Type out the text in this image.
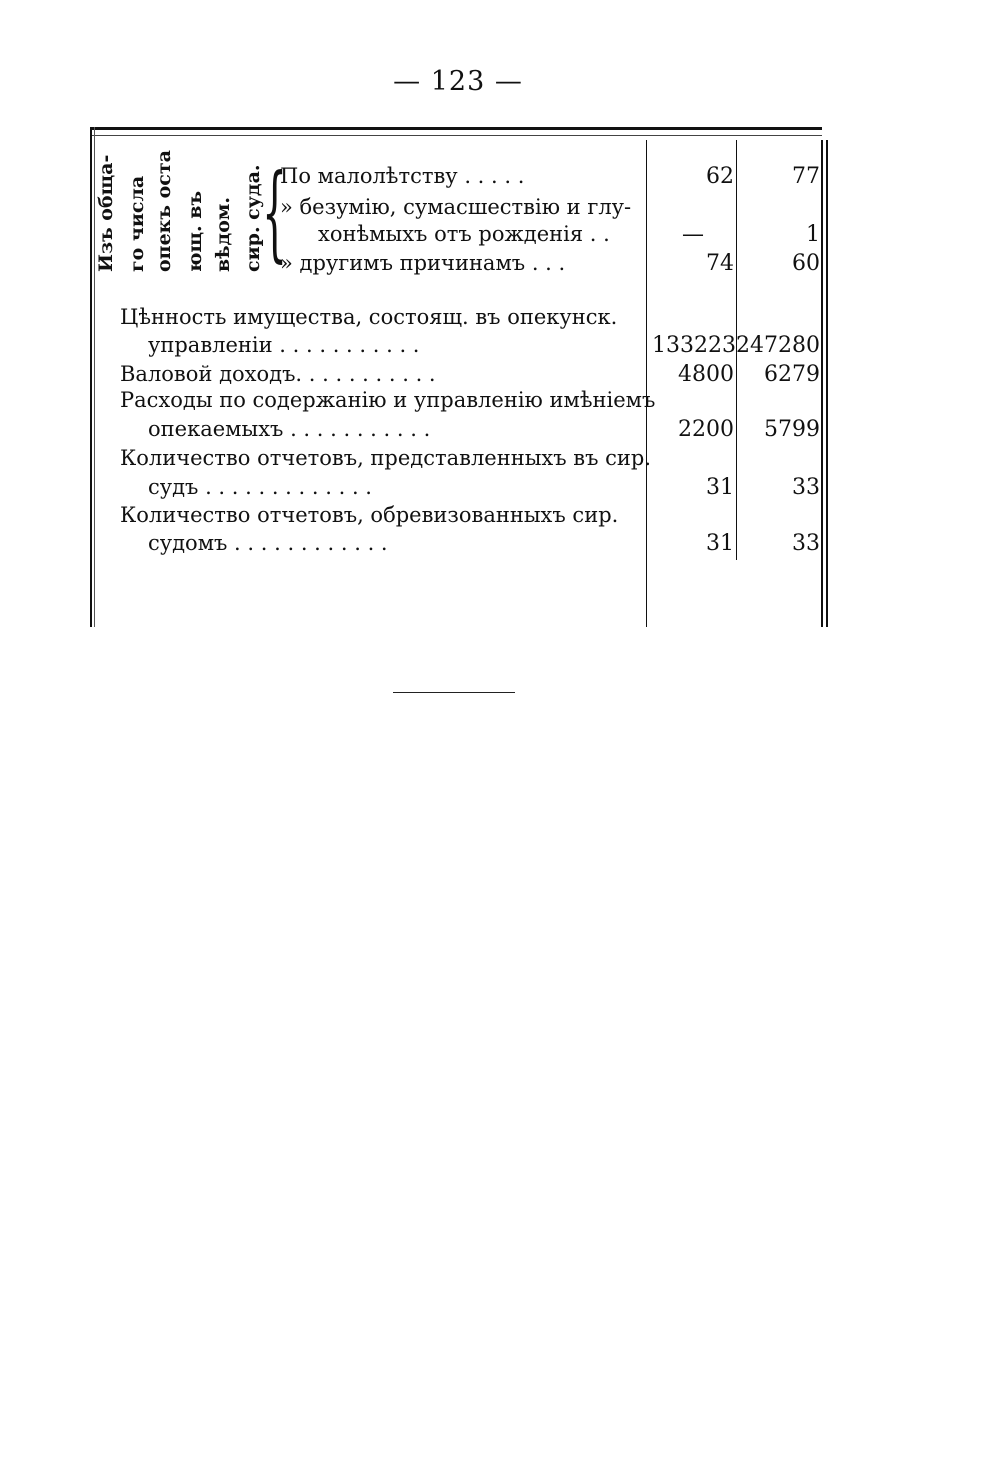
— 123 —
Изъ обща- го числа опекъ оста ющ. въ вѣдом. сир. суда.
{
По малолѣтству . . . . .	62	77
» безумію, сумасшествію и глу-
хонѣмыхъ отъ рожденія . .	—	1
» другимъ причинамъ . . .	74	60
Цѣнность имущества, состоящ. въ опекунск.
управленіи . . . . . . . . . . .	133223 247280
Валовой доходъ. . . . . . . . . . .	4800	6279
Расходы по содержанію и управленію имѣніемъ
опекаемыхъ . . . . . . . . . . .	2200	5799
Количество отчетовъ, представленныхъ въ сир.
судъ . . . . . . . . . . . . .	31	33
Количество отчетовъ, обревизованныхъ сир.
судомъ . . . . . . . . . . . .	31	33
